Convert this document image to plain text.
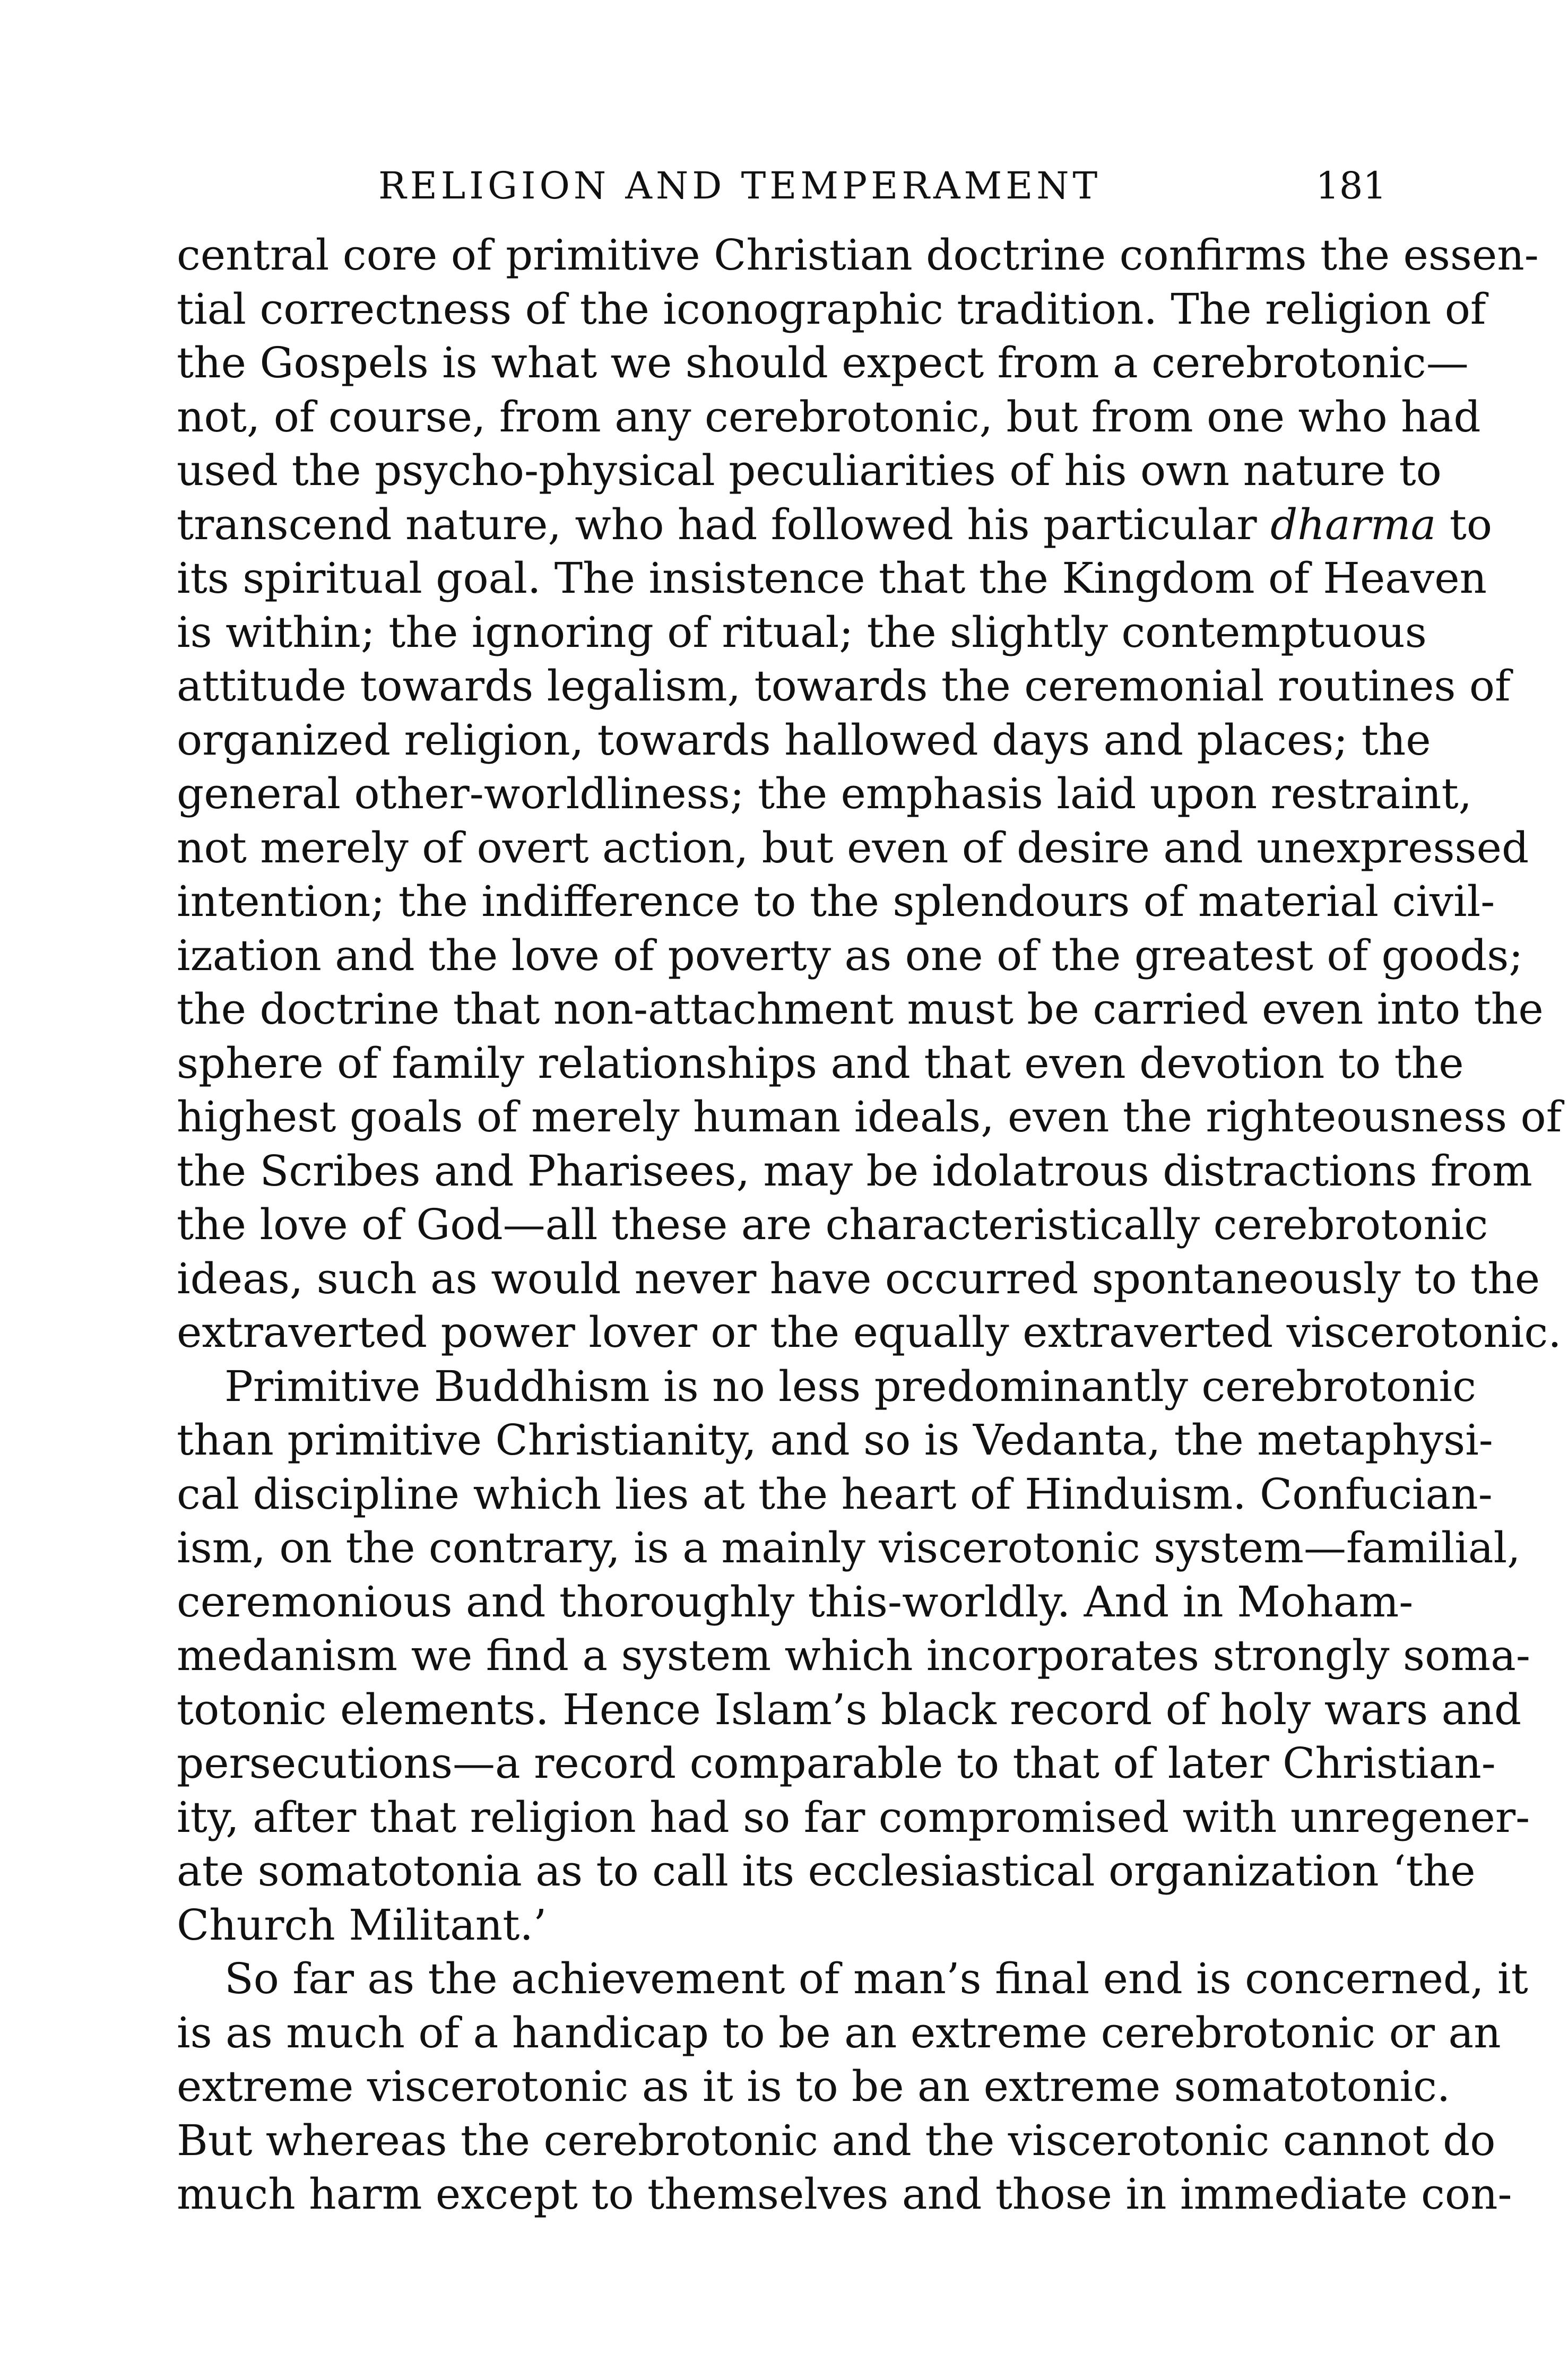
RELIGION AND TEMPERAMENT	181
central core of primitive Christian doctrine confirms the essen-
tial correctness of the iconographic tradition. The religion of
the Gospels is what we should expect from a cerebrotonic—
not, of course, from any cerebrotonic, but from one who had
used the psycho-physical peculiarities of his own nature to
transcend nature, who had followed his particular dharma to
its spiritual goal. The insistence that the Kingdom of Heaven
is within; the ignoring of ritual; the slightly contemptuous
attitude towards legalism, towards the ceremonial routines of
organized religion, towards hallowed days and places; the
general other-worldliness; the emphasis laid upon restraint,
not merely of overt action, but even of desire and unexpressed
intention; the indifference to the splendours of material civil-
ization and the love of poverty as one of the greatest of goods;
the doctrine that non-attachment must be carried even into the
sphere of family relationships and that even devotion to the
highest goals of merely human ideals, even the righteousness of
the Scribes and Pharisees, may be idolatrous distractions from
the love of God—all these are characteristically cerebrotonic
ideas, such as would never have occurred spontaneously to the
extraverted power lover or the equally extraverted viscerotonic.
Primitive Buddhism is no less predominantly cerebrotonic
than primitive Christianity, and so is Vedanta, the metaphysi-
cal discipline which lies at the heart of Hinduism. Confucian-
ism, on the contrary, is a mainly viscerotonic system—familial,
ceremonious and thoroughly this-worldly. And in Moham-
medanism we find a system which incorporates strongly soma-
totonic elements. Hence Islam’s black record of holy wars and
persecutions—a record comparable to that of later Christian-
ity, after that religion had so far compromised with unregener-
ate somatotonia as to call its ecclesiastical organization ‘the
Church Militant.’
So far as the achievement of man’s final end is concerned, it
is as much of a handicap to be an extreme cerebrotonic or an
extreme viscerotonic as it is to be an extreme somatotonic.
But whereas the cerebrotonic and the viscerotonic cannot do
much harm except to themselves and those in immediate con-
